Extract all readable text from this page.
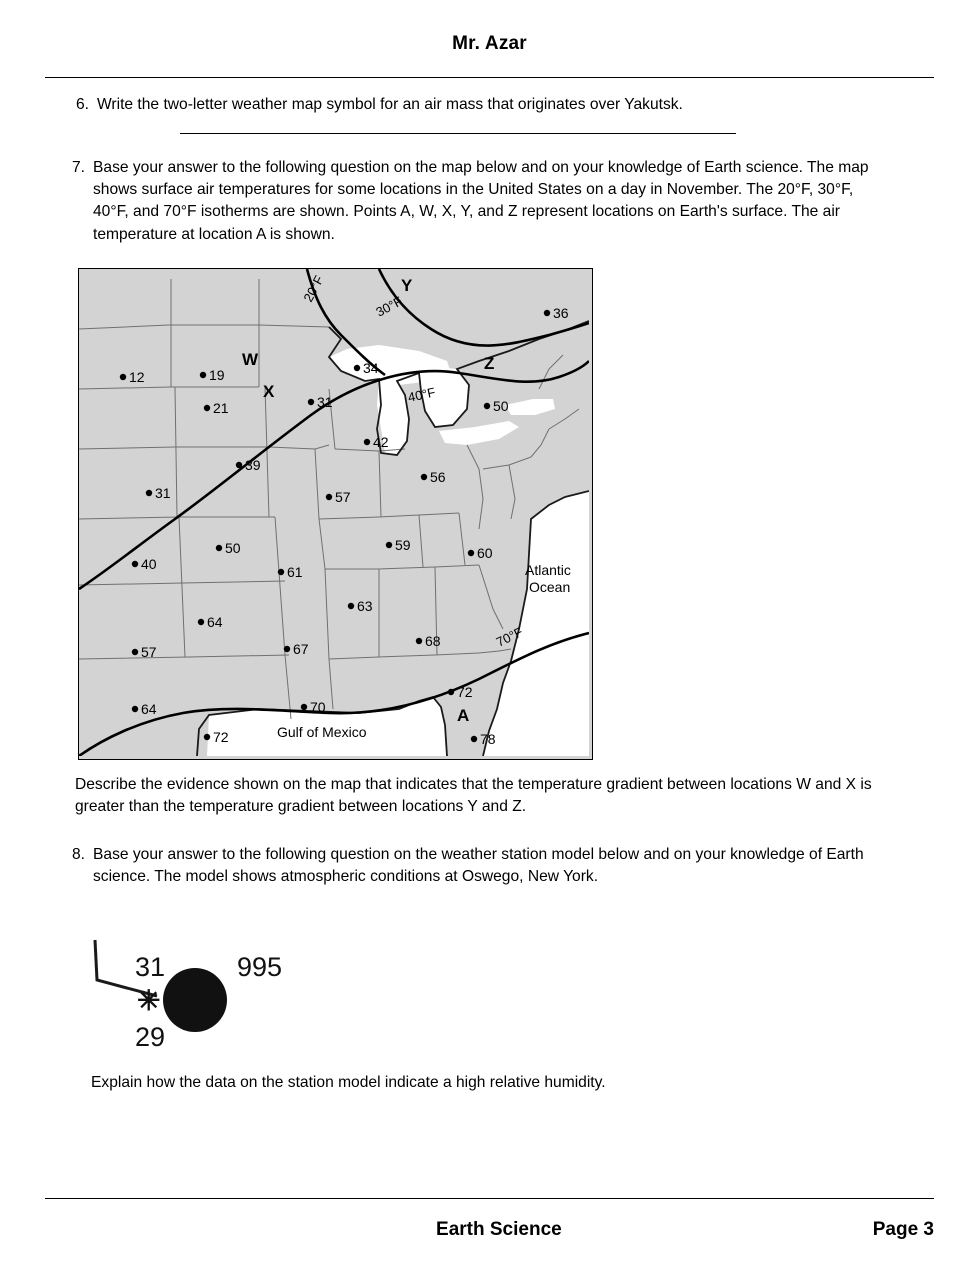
Mr. Azar
6. Write the two-letter weather map symbol for an air mass that originates over Yakutsk.
7. Base your answer to the following question on the map below and on your knowledge of Earth science. The map shows surface air temperatures for some locations in the United States on a day in November. The 20°F, 30°F, 40°F, and 70°F isotherms are shown. Points A, W, X, Y, and Z represent locations on Earth's surface. The air temperature at location A is shown.
20°F
30°F
40°F
70°F
Y
W
X
Z
A
Atlantic
Ocean
Gulf of Mexico
36
12	19	34
21	31	50
42
39
56
31	57
50	59	60
40	61
63
64
67	68
57
72
64	70
72	78
Describe the evidence shown on the map that indicates that the temperature gradient between locations W and X is greater than the temperature gradient between locations Y and Z.
8. Base your answer to the following question on the weather station model below and on your knowledge of Earth science. The model shows atmospheric conditions at Oswego, New York.
31	995
✳
29
Explain how the data on the station model indicate a high relative humidity.
Earth Science	Page 3
